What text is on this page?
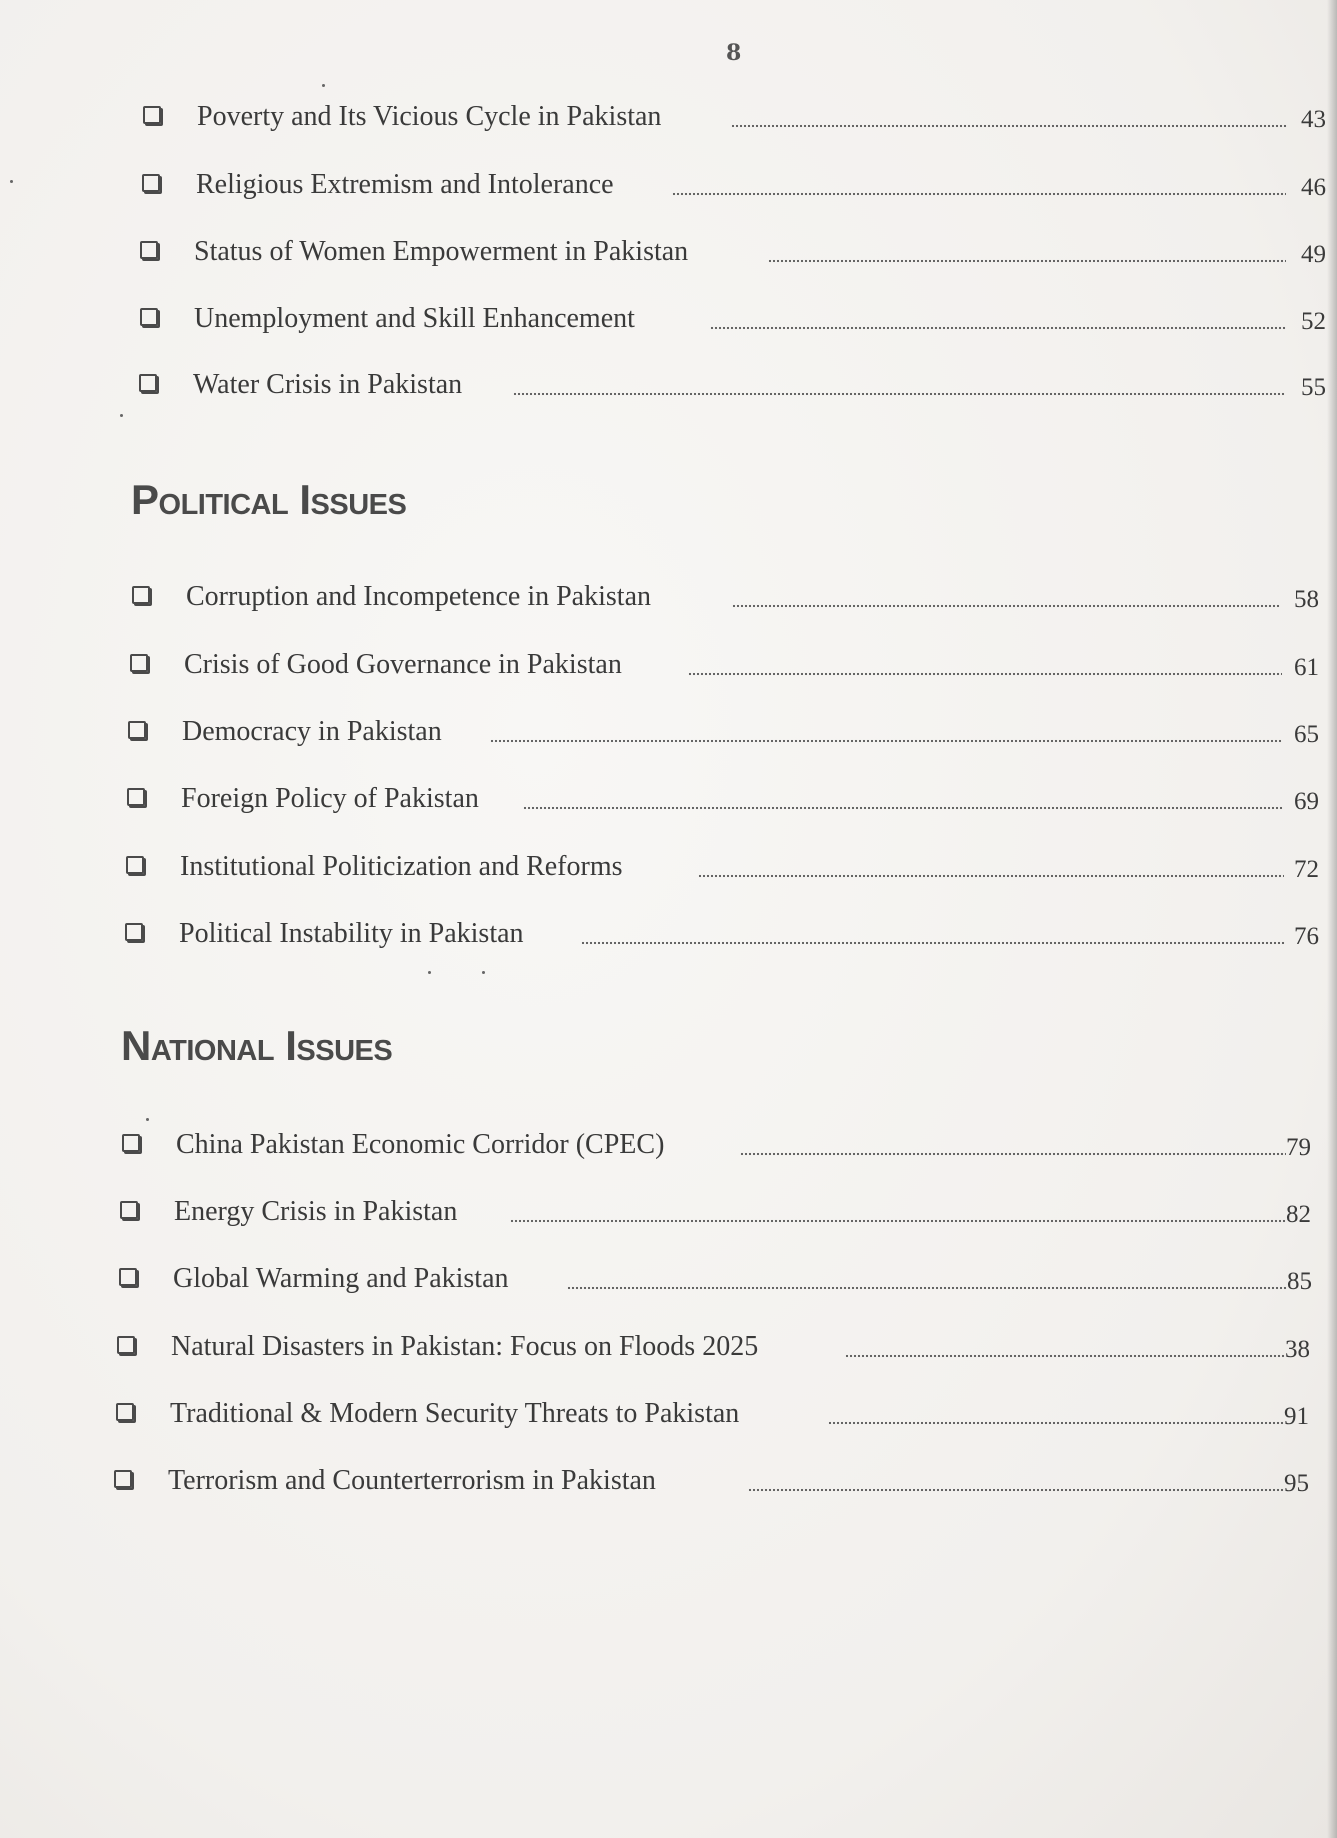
8
Poverty and Its Vicious Cycle in Pakistan	43
Religious Extremism and Intolerance	46
Status of Women Empowerment in Pakistan	49
Unemployment and Skill Enhancement	52
Water Crisis in Pakistan	55
Political Issues
Corruption and Incompetence in Pakistan	58
Crisis of Good Governance in Pakistan	61
Democracy in Pakistan	65
Foreign Policy of Pakistan	69
Institutional Politicization and Reforms	72
Political Instability in Pakistan	76
National Issues
China Pakistan Economic Corridor (CPEC)	79
Energy Crisis in Pakistan	82
Global Warming and Pakistan	85
Natural Disasters in Pakistan: Focus on Floods 2025	38
Traditional & Modern Security Threats to Pakistan	91
Terrorism and Counterterrorism in Pakistan	95
